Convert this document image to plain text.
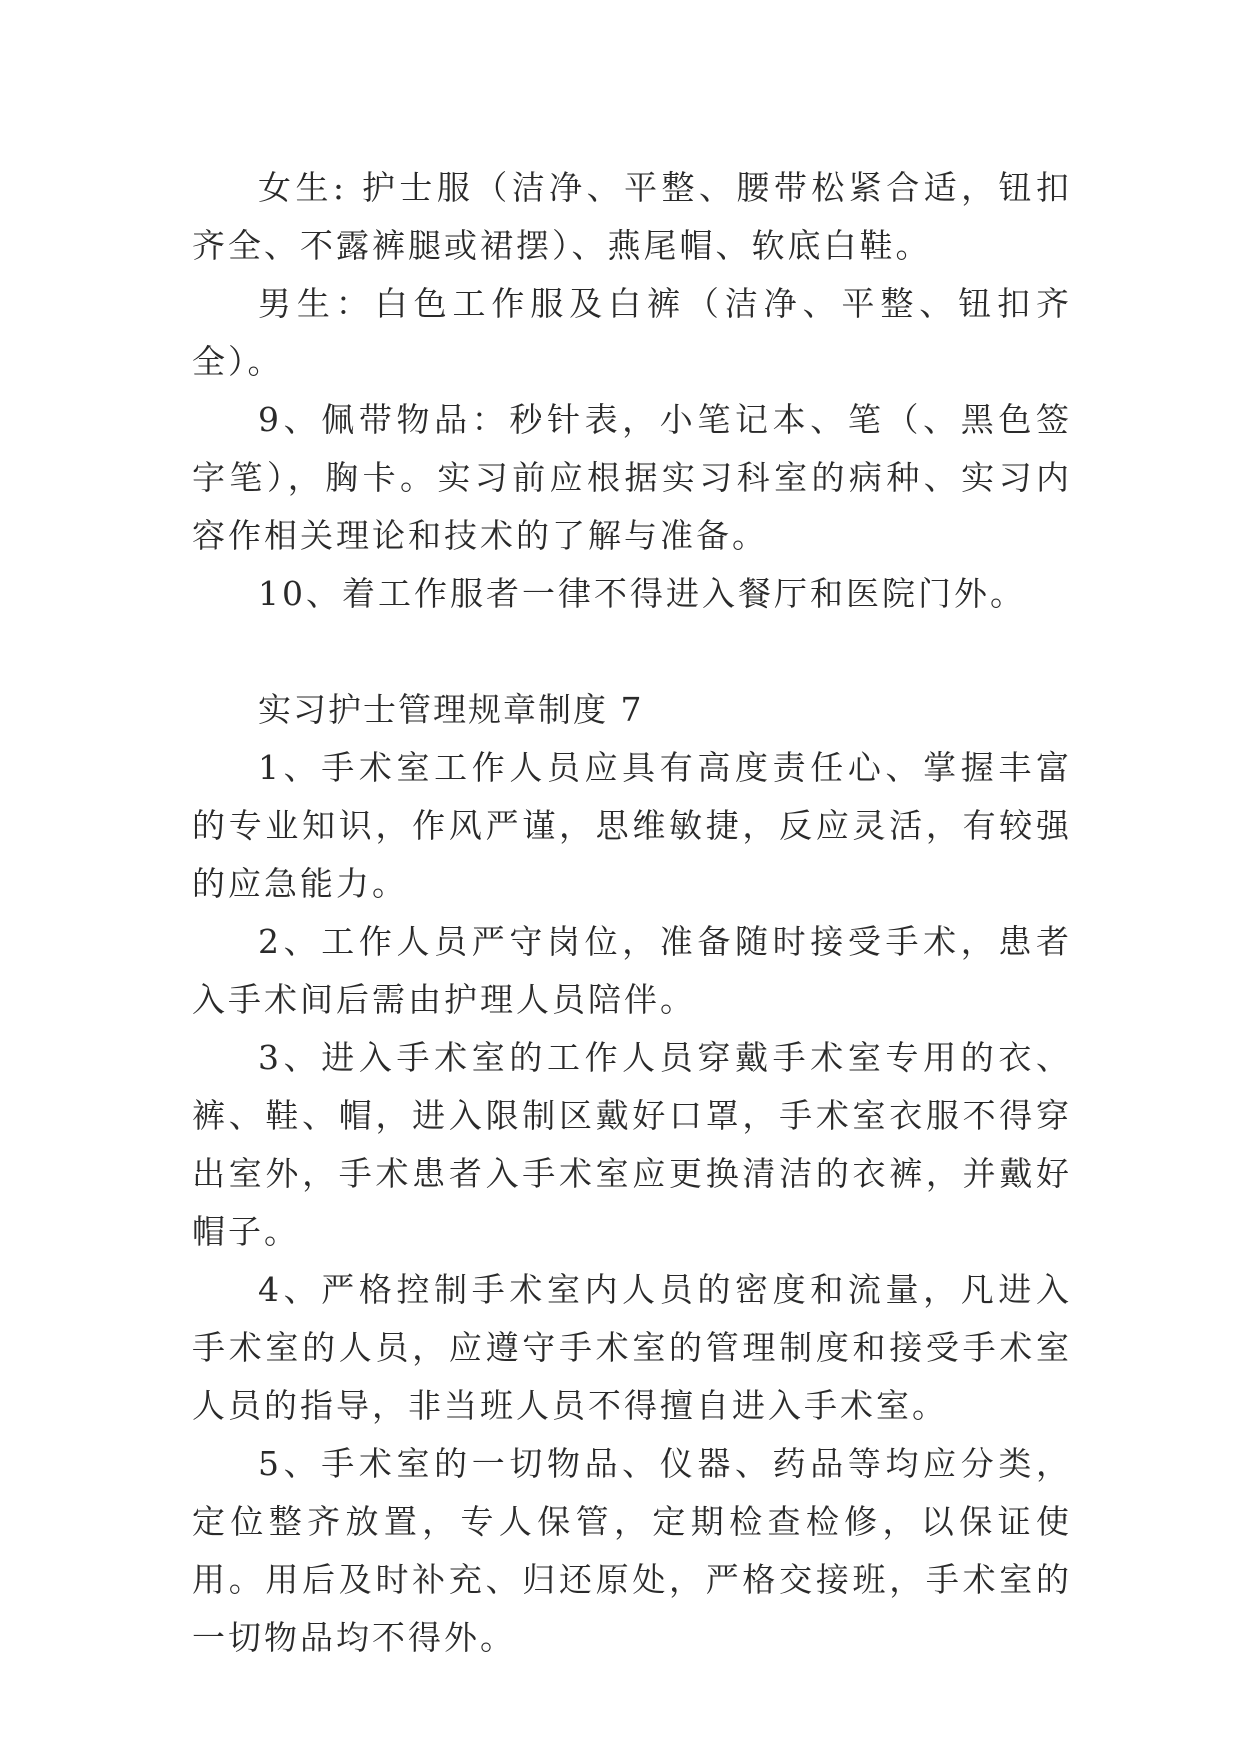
女生: 护士服（洁净、平整、腰带松紧合适，钮扣齐全、不露裤腿或裙摆）、燕尾帽、软底白鞋。

男生：白色工作服及白裤（洁净、平整、钮扣齐全）。

9、佩带物品：秒针表，小笔记本、笔（、黑色签字笔），胸卡。实习前应根据实习科室的病种、实习内容作相关理论和技术的了解与准备。

10、着工作服者一律不得进入餐厅和医院门外。

实习护士管理规章制度 7

1、手术室工作人员应具有高度责任心、掌握丰富的专业知识，作风严谨，思维敏捷，反应灵活，有较强的应急能力。

2、工作人员严守岗位，准备随时接受手术，患者入手术间后需由护理人员陪伴。

3、进入手术室的工作人员穿戴手术室专用的衣、裤、鞋、帽，进入限制区戴好口罩，手术室衣服不得穿出室外，手术患者入手术室应更换清洁的衣裤，并戴好帽子。

4、严格控制手术室内人员的密度和流量，凡进入手术室的人员，应遵守手术室的管理制度和接受手术室人员的指导，非当班人员不得擅自进入手术室。

5、手术室的一切物品、仪器、药品等均应分类，定位整齐放置，专人保管，定期检查检修，以保证使用。用后及时补充、归还原处，严格交接班，手术室的一切物品均不得外。
